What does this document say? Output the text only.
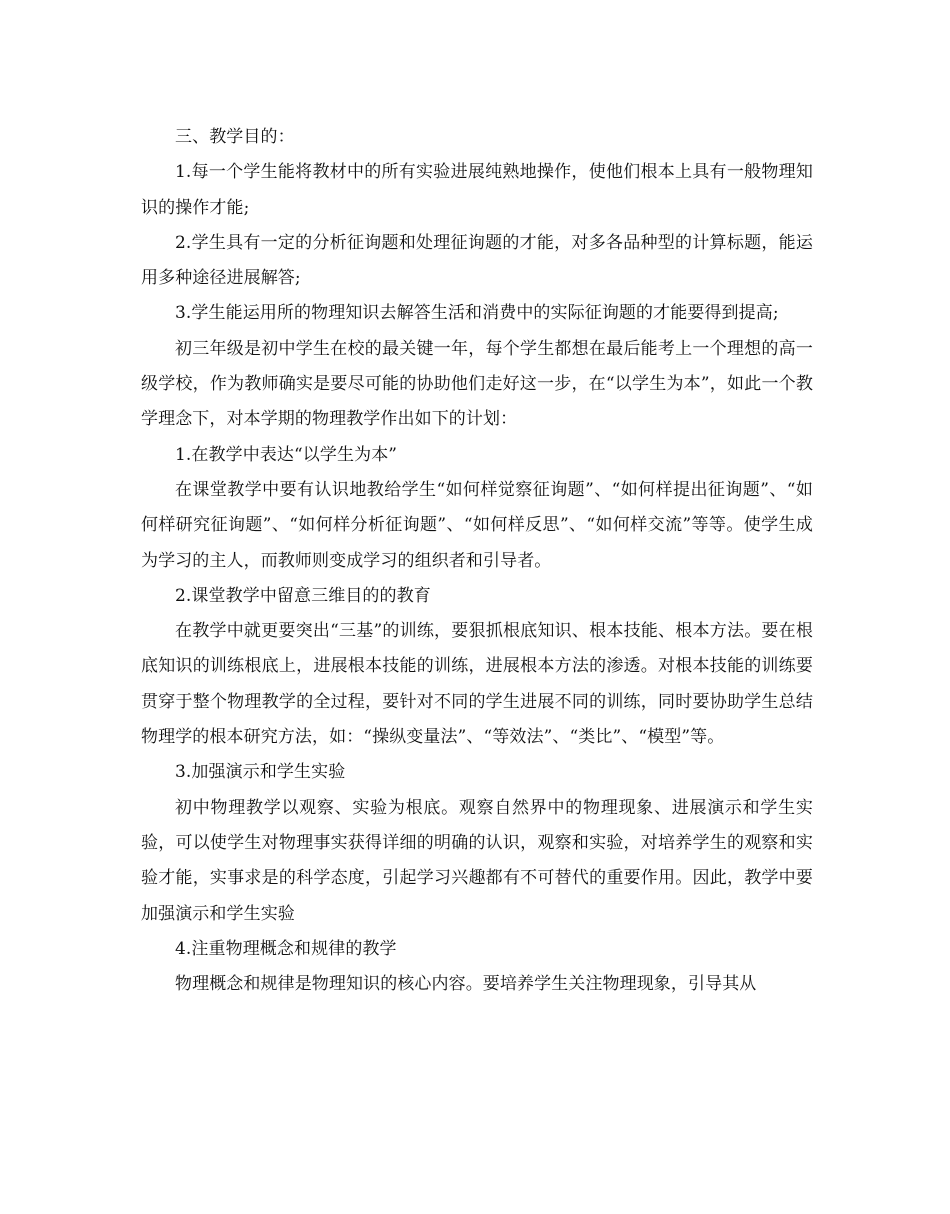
三、教学目的：

1.每一个学生能将教材中的所有实验进展纯熟地操作，使他们根本上具有一般物理知识的操作才能;

2.学生具有一定的分析征询题和处理征询题的才能，对多各品种型的计算标题，能运用多种途径进展解答;

3.学生能运用所的物理知识去解答生活和消费中的实际征询题的才能要得到提高;

初三年级是初中学生在校的最关键一年，每个学生都想在最后能考上一个理想的高一级学校，作为教师确实是要尽可能的协助他们走好这一步，在“以学生为本”，如此一个教学理念下，对本学期的物理教学作出如下的计划：

1.在教学中表达“以学生为本”

在课堂教学中要有认识地教给学生“如何样觉察征询题”、“如何样提出征询题”、“如何样研究征询题”、“如何样分析征询题”、“如何样反思”、“如何样交流”等等。使学生成为学习的主人，而教师则变成学习的组织者和引导者。

2.课堂教学中留意三维目的的教育

在教学中就更要突出“三基”的训练，要狠抓根底知识、根本技能、根本方法。要在根底知识的训练根底上，进展根本技能的训练，进展根本方法的渗透。对根本技能的训练要贯穿于整个物理教学的全过程，要针对不同的学生进展不同的训练，同时要协助学生总结物理学的根本研究方法，如：“操纵变量法”、“等效法”、“类比”、“模型”等。

3.加强演示和学生实验

初中物理教学以观察、实验为根底。观察自然界中的物理现象、进展演示和学生实验，可以使学生对物理事实获得详细的明确的认识，观察和实验，对培养学生的观察和实验才能，实事求是的科学态度，引起学习兴趣都有不可替代的重要作用。因此，教学中要加强演示和学生实验

4.注重物理概念和规律的教学

物理概念和规律是物理知识的核心内容。要培养学生关注物理现象，引导其从
